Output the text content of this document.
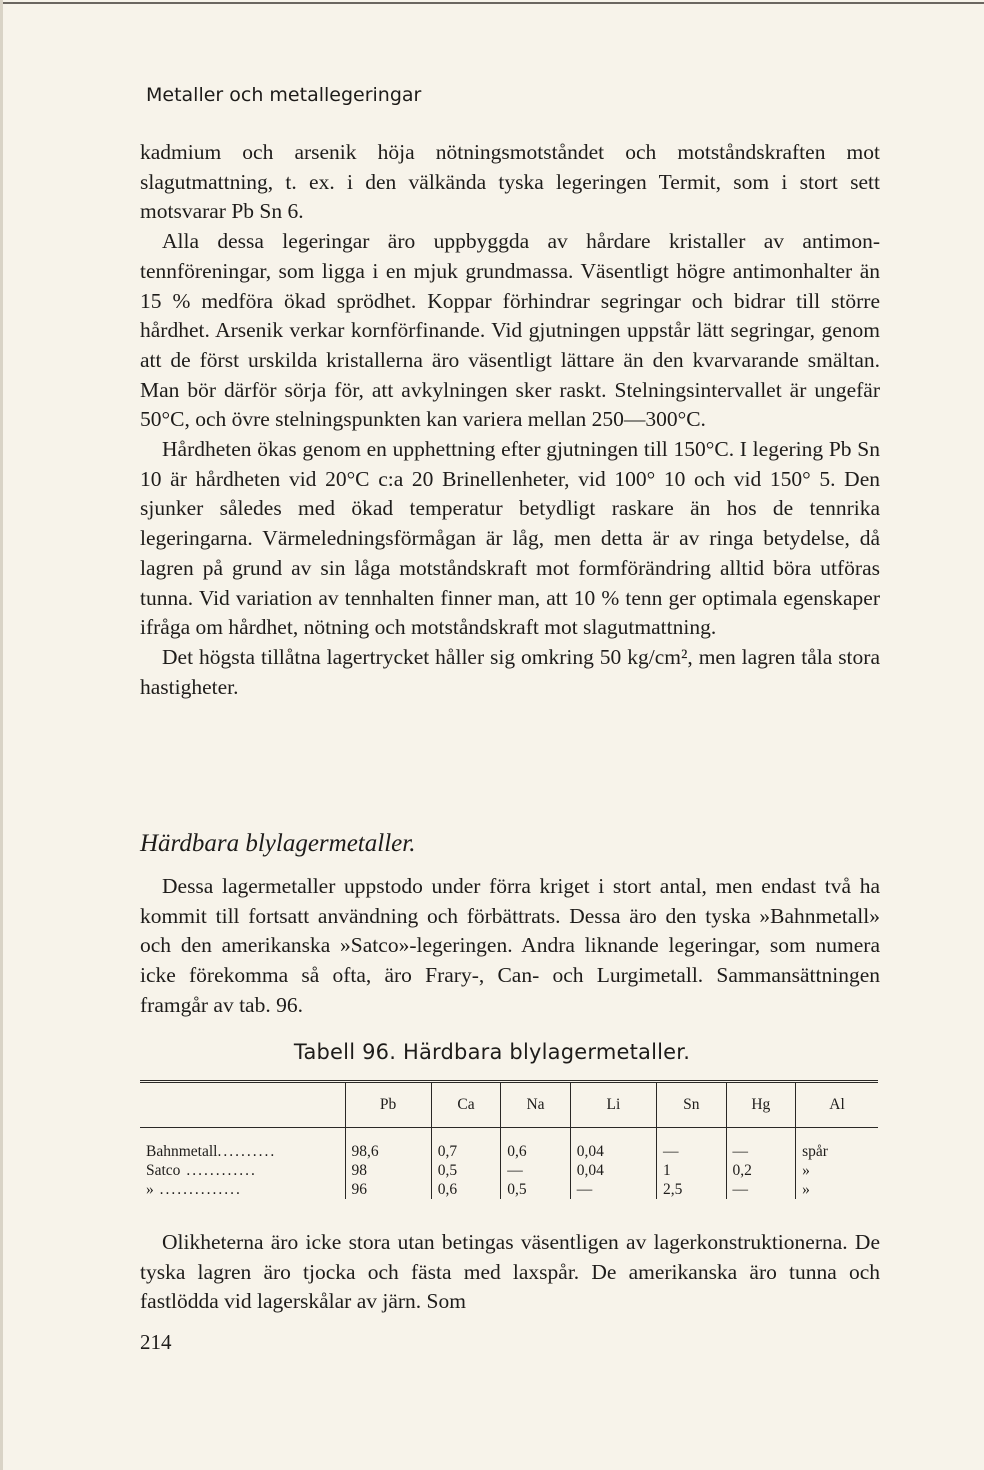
Metaller och metallegeringar

kadmium och arsenik höja nötningsmotståndet och motståndskraften mot slagutmattning, t. ex. i den välkända tyska legeringen Termit, som i stort sett motsvarar Pb Sn 6.

Alla dessa legeringar äro uppbyggda av hårdare kristaller av antimon-tennföreningar, som ligga i en mjuk grundmassa. Väsentligt högre antimonhalter än 15 % medföra ökad sprödhet. Koppar förhindrar segringar och bidrar till större hårdhet. Arsenik verkar kornförfinande. Vid gjutningen uppstår lätt segringar, genom att de först urskilda kristallerna äro väsentligt lättare än den kvarvarande smältan. Man bör därför sörja för, att avkylningen sker raskt. Stelningsintervallet är ungefär 50°C, och övre stelningspunkten kan variera mellan 250—300°C.

Hårdheten ökas genom en upphettning efter gjutningen till 150°C. I legering Pb Sn 10 är hårdheten vid 20°C c:a 20 Brinellenheter, vid 100° 10 och vid 150° 5. Den sjunker således med ökad temperatur betydligt raskare än hos de tennrika legeringarna. Värmeledningsförmågan är låg, men detta är av ringa betydelse, då lagren på grund av sin låga motståndskraft mot formförändring alltid böra utföras tunna. Vid variation av tennhalten finner man, att 10 % tenn ger optimala egenskaper ifråga om hårdhet, nötning och motståndskraft mot slagutmattning.

Det högsta tillåtna lagertrycket håller sig omkring 50 kg/cm², men lagren tåla stora hastigheter.

Härdbara blylagermetaller.

Dessa lagermetaller uppstodo under förra kriget i stort antal, men endast två ha kommit till fortsatt användning och förbättrats. Dessa äro den tyska »Bahnmetall» och den amerikanska »Satco»-legeringen. Andra liknande legeringar, som numera icke förekomma så ofta, äro Frary-, Can- och Lurgimetall. Sammansättningen framgår av tab. 96.

Tabell 96. Härdbara blylagermetaller.
	Pb	Ca	Na	Li	Sn	Hg	Al
Bahnmetall..........	98,6	0,7	0,6	0,04	—	—	spår
Satco ............	98	0,5	—	0,04	1	0,2	»
» ..............	96	0,6	0,5	—	2,5	—	»

Olikheterna äro icke stora utan betingas väsentligen av lagerkonstruktionerna. De tyska lagren äro tjocka och fästa med laxspår. De amerikanska äro tunna och fastlödda vid lagerskålar av järn. Som

214
